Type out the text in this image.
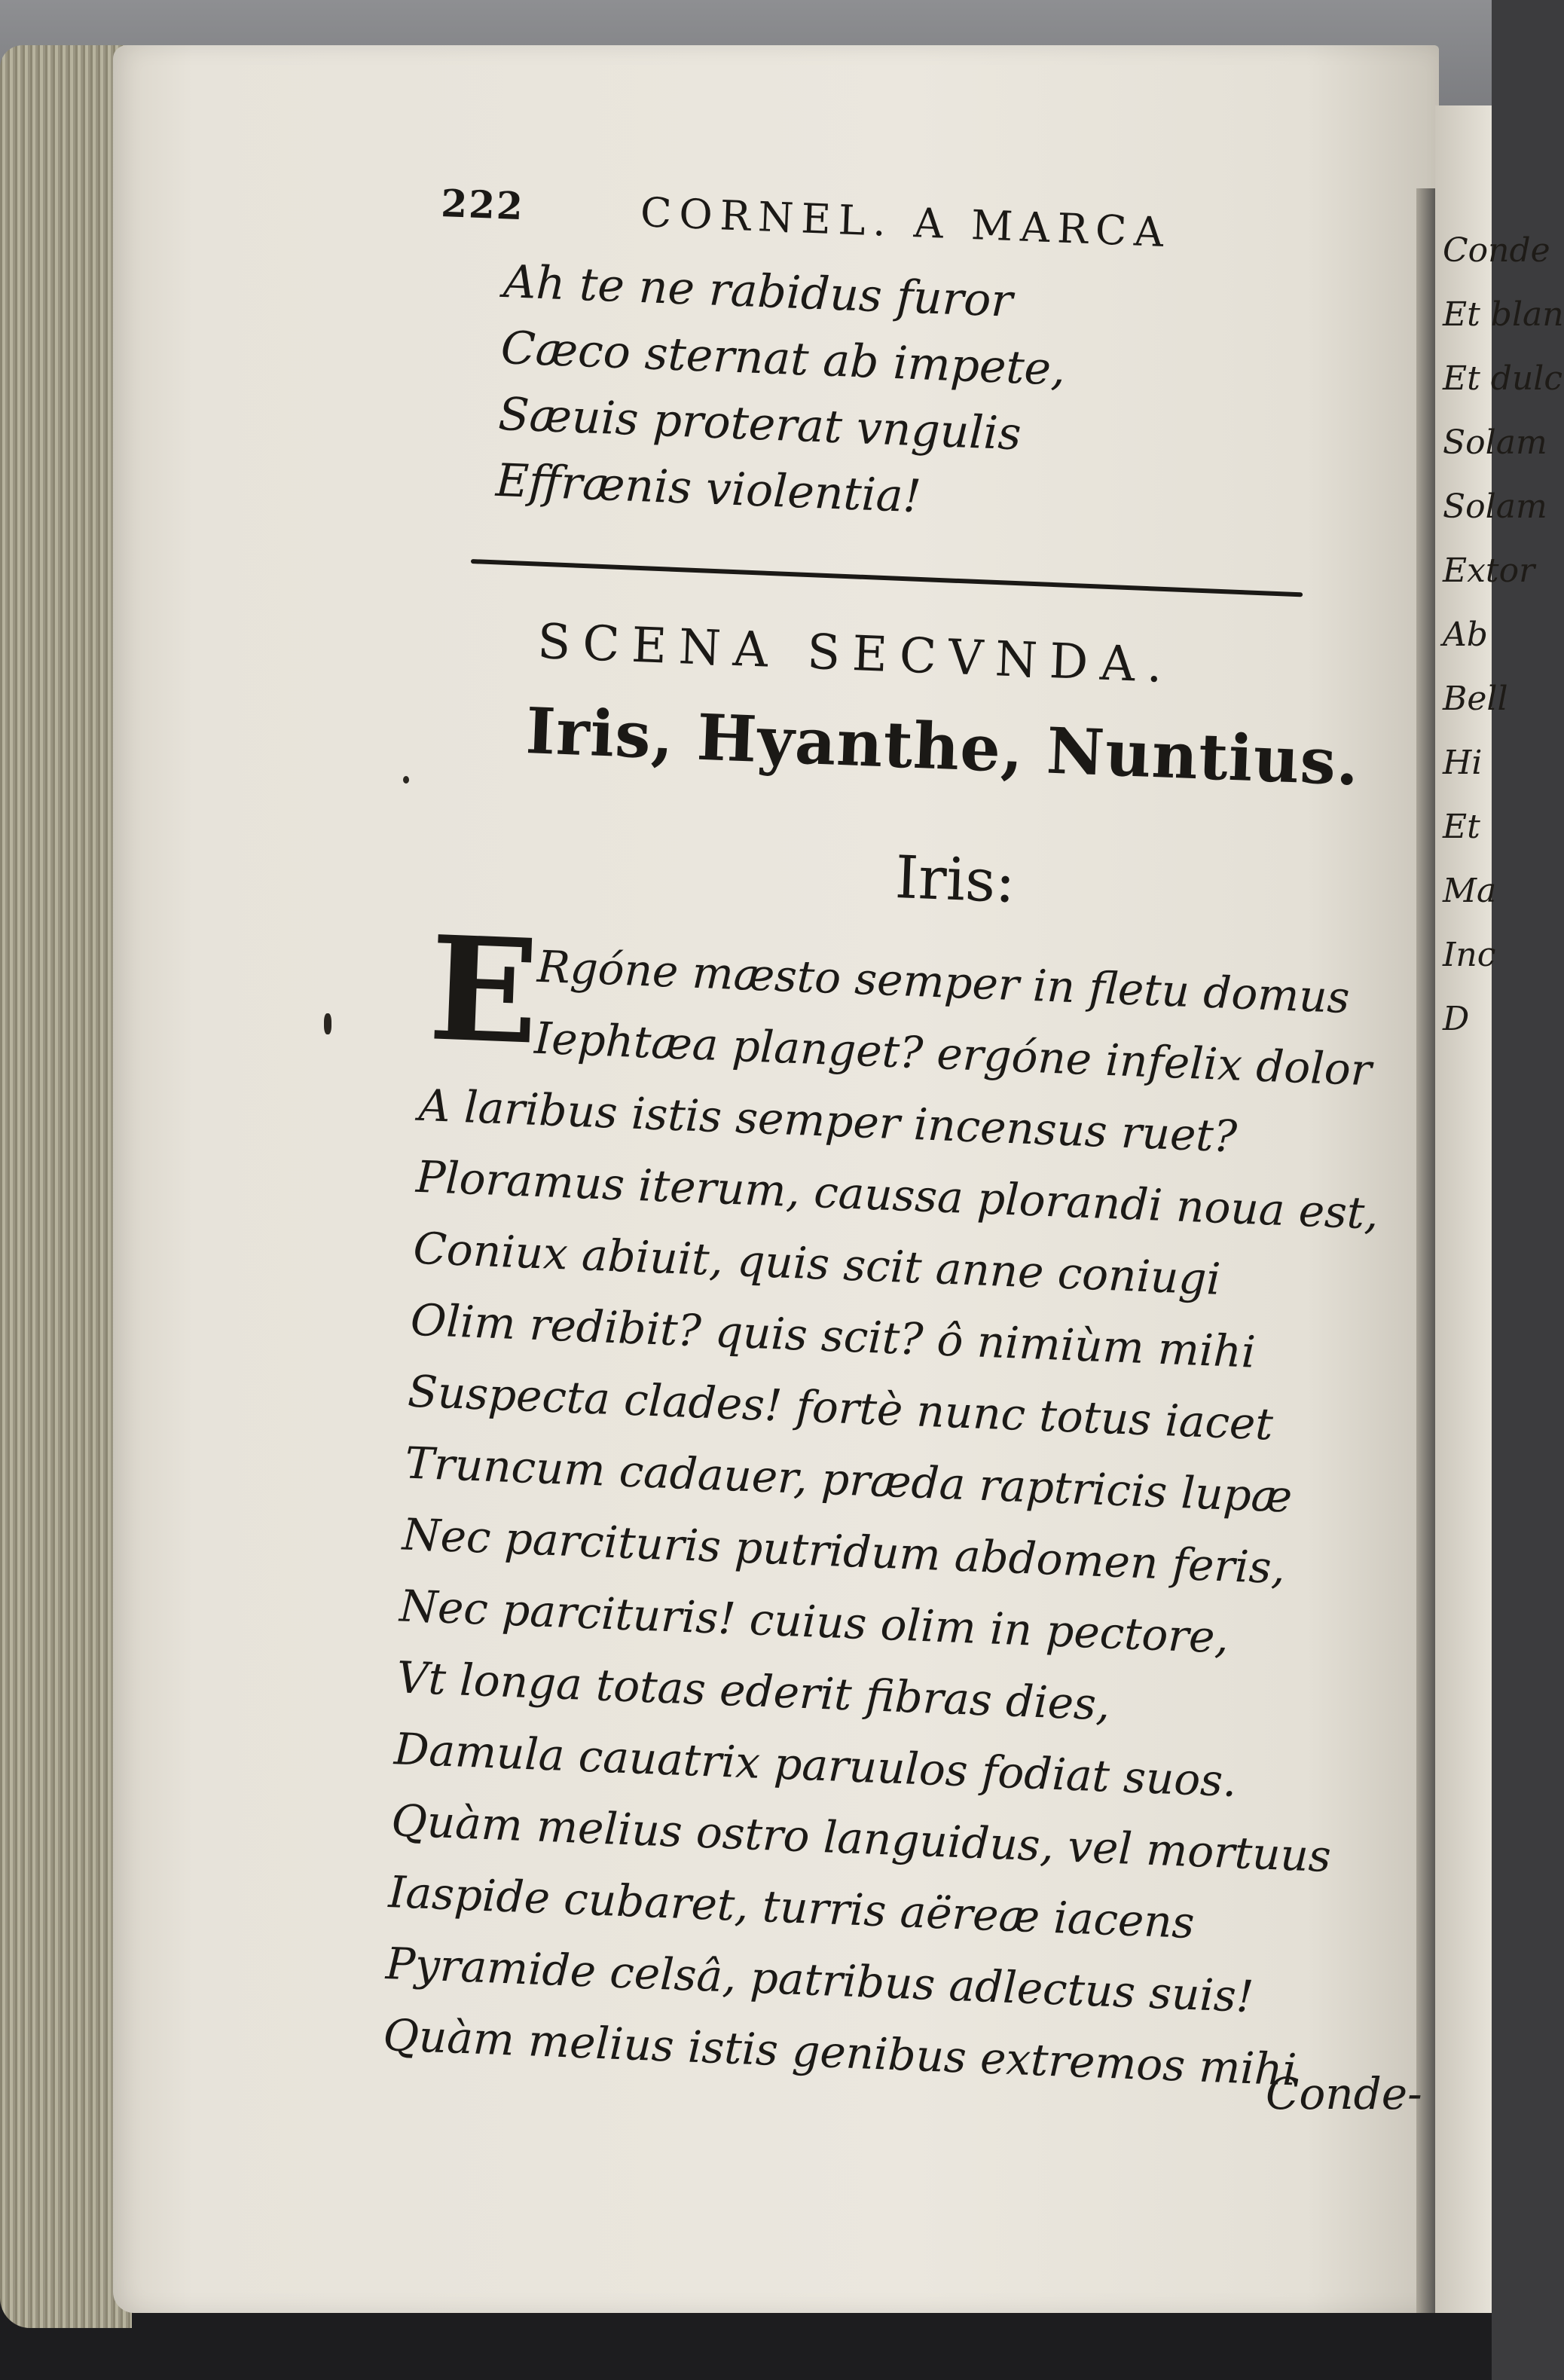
Conde
Et blan
Et dulc
Solam
Solam
Extor
Ab
Bell
Hi
Et
Ma
Inc
D
222	CORNEL. A MARCA
Ah te ne rabidus furor
Cæco sternat ab impete,
Sæuis proterat vngulis
Effrænis violentia!
SCENA SECVNDA.
Iris, Hyanthe, Nuntius.
Iris:
E
Rgóne mæsto semper in fletu domus
Iephtæa planget? ergóne infelix dolor
A laribus istis semper incensus ruet?
Ploramus iterum, caussa plorandi noua est,
Coniux abiuit, quis scit anne coniugi
Olim redibit? quis scit? ô nimiùm mihi
Suspecta clades! fortè nunc totus iacet
Truncum cadauer, præda raptricis lupæ
Nec parcituris putridum abdomen feris,
Nec parcituris! cuius olim in pectore,
Vt longa totas ederit fibras dies,
Damula cauatrix paruulos fodiat suos.
Quàm melius ostro languidus, vel mortuus
Iaspide cubaret, turris aëreæ iacens
Pyramide celsâ, patribus adlectus suis!
Quàm melius istis genibus extremos mihi
Conde-
